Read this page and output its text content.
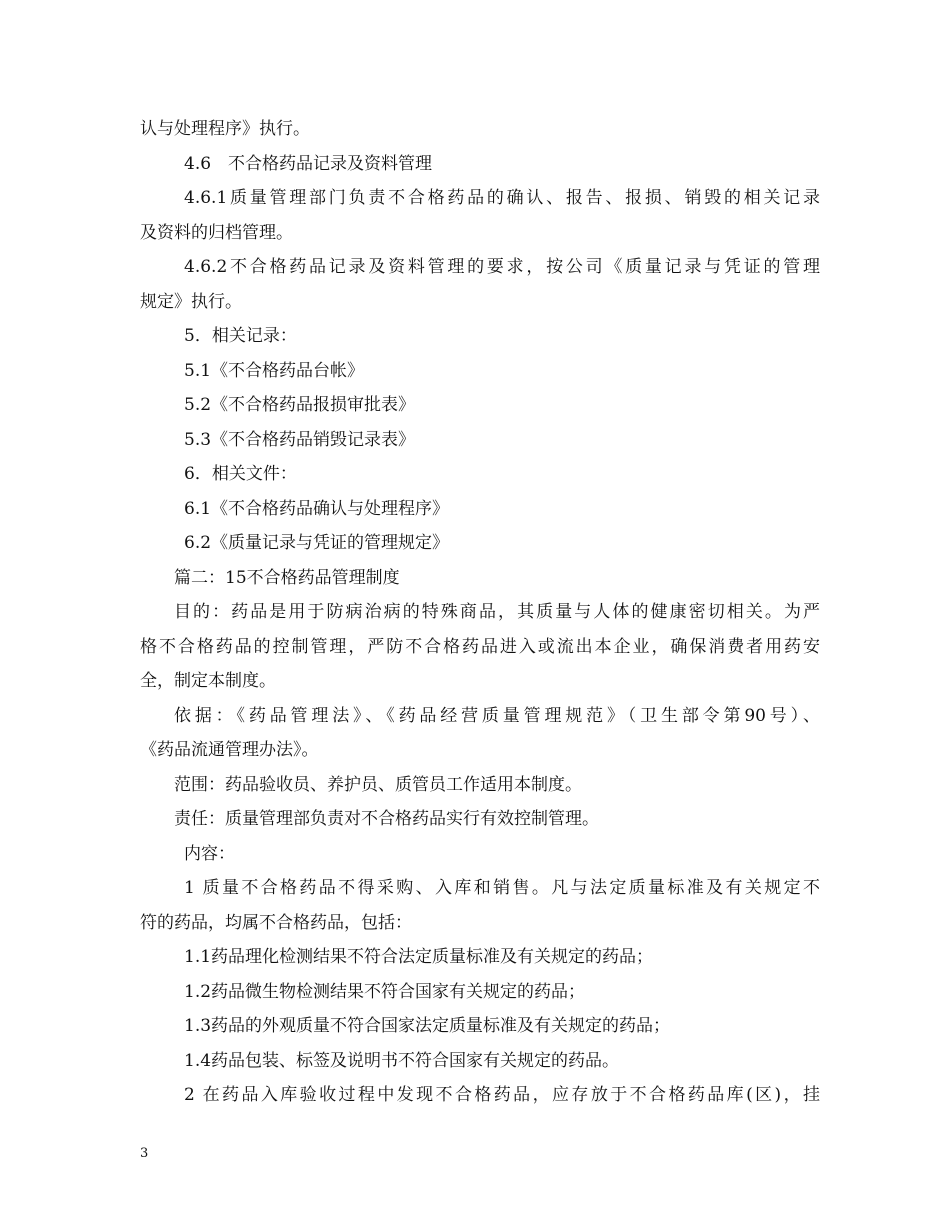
认与处理程序》执行。
4.6　不合格药品记录及资料管理
4.6.1质量管理部门负责不合格药品的确认、报告、报损、销毁的相关记录
及资料的归档管理。
4.6.2不合格药品记录及资料管理的要求，按公司《质量记录与凭证的管理
规定》执行。
5．相关记录：
5.1《不合格药品台帐》
5.2《不合格药品报损审批表》
5.3《不合格药品销毁记录表》
6．相关文件：
6.1《不合格药品确认与处理程序》
6.2《质量记录与凭证的管理规定》
篇二：15不合格药品管理制度
目的：药品是用于防病治病的特殊商品，其质量与人体的健康密切相关。为严
格不合格药品的控制管理，严防不合格药品进入或流出本企业，确保消费者用药安
全，制定本制度。
依据：《药品管理法》、《药品经营质量管理规范》（卫生部令第90号）、
《药品流通管理办法》。
范围：药品验收员、养护员、质管员工作适用本制度。
责任：质量管理部负责对不合格药品实行有效控制管理。
内容：
1 质量不合格药品不得采购、入库和销售。凡与法定质量标准及有关规定不
符的药品，均属不合格药品，包括：
1.1药品理化检测结果不符合法定质量标准及有关规定的药品；
1.2药品微生物检测结果不符合国家有关规定的药品；
1.3药品的外观质量不符合国家法定质量标准及有关规定的药品；
1.4药品包装、标签及说明书不符合国家有关规定的药品。
2 在药品入库验收过程中发现不合格药品，应存放于不合格药品库(区)，挂
3
